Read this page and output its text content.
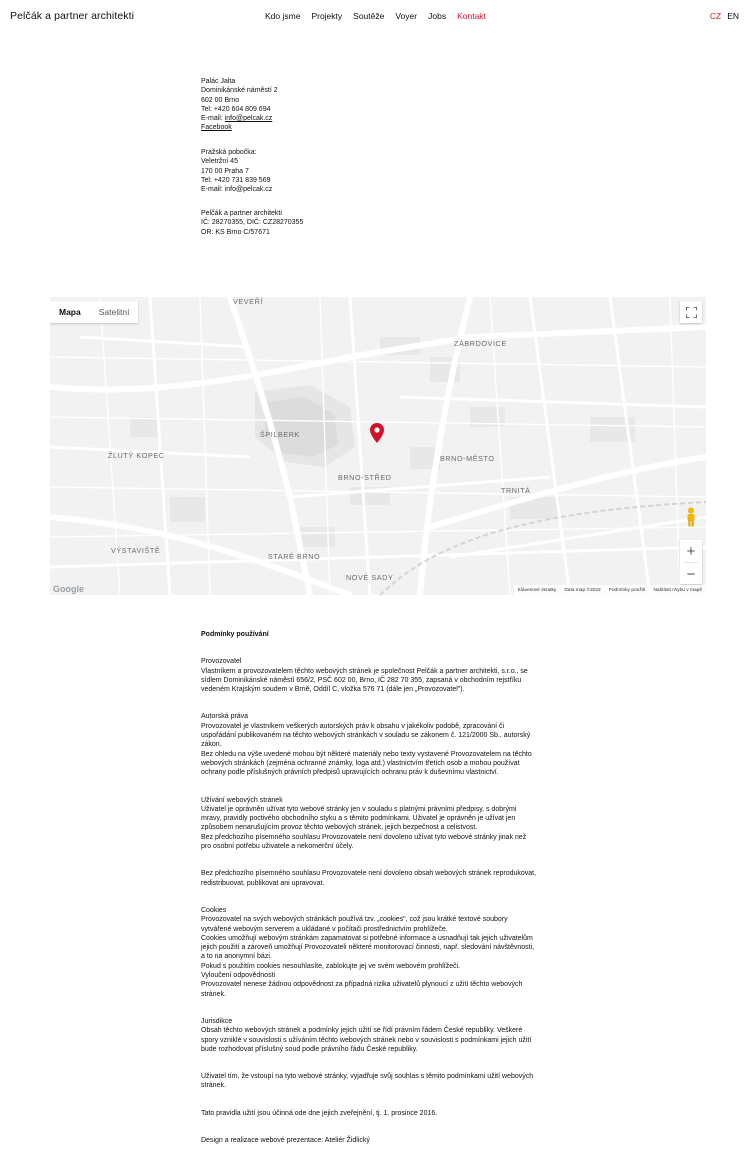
Pelčák a partner architekti	Kdo jsme Projekty Soutěže Voyer Jobs Kontakt	CZ EN
Palác Jalta
Dominikánské náměstí 2
602 00 Brno
Tel: +420 604 809 694
E-mail: info@pelcak.cz
Facebook
Pražská pobočka:
Veletržní 45
170 00 Praha 7
Tel: +420 731 839 569
E-mail: info@pelcak.cz
Pelčák a partner architekti
IČ: 28270355, DIČ: CZ28270355
OR: KS Brno C/57671
VEVEŘÍ
ZÁBRDOVICE
ŠPILBERK
ŽLUTÝ KOPEC	BRNO-MĚSTO
BRNO-STŘED
TRNITÁ
VÝSTAVIŠTĚ
STARÉ BRNO
NOVÉ SADY
Mapa	Satelitní
+
−
Google	Klávesové zkratky Data map ©2022 Podmínky použití Nahlásit chybu v mapě
Podmínky používání

Provozovatel

Vlastníkem a provozovatelem těchto webových stránek je společnost Pelčák a partner architekti, s.r.o., se

sídlem Dominikánské náměstí 656/2, PSČ 602 00, Brno, IČ 282 70 355, zapsaná v obchodním rejstříku

vedeném Krajským soudem v Brně, Oddíl C, vložka 576 71 (dále jen „Provozovatel").

Autorská práva

Provozovatel je vlastníkem veškerých autorských práv k obsahu v jakékoliv podobě, zpracování či

uspořádání publikovaném na těchto webových stránkách v souladu se zákonem č. 121/2000 Sb., autorský

zákon.

Bez ohledu na výše uvedené mohou být některé materiály nebo texty vystavené Provozovatelem na těchto

webových stránkách (zejména ochranné známky, loga atd.) vlastnictvím třetích osob a mohou používat

ochrany podle příslušných právních předpisů upravujících ochranu práv k duševnímu vlastnictví.

Užívání webových stránek

Uživatel je oprávněn užívat tyto webové stránky jen v souladu s platnými právními předpisy, s dobrými

mravy, pravidly poctivého obchodního styku a s těmito podmínkami. Uživatel je oprávněn je užívat jen

způsobem nenarušujícím provoz těchto webových stránek, jejich bezpečnost a celistvost.

Bez předchozího písemného souhlasu Provozovatele není dovoleno užívat tyto webové stránky jinak než

pro osobní potřebu uživatele a nekomerční účely.

Bez předchozího písemného souhlasu Provozovatele není dovoleno obsah webových stránek reprodukovat,

redistribuovat, publikovat ani upravovat.

Cookies

Provozovatel na svých webových stránkách používá tzv. „cookies", což jsou krátké textové soubory

vytvářené webovým serverem a ukládané v počítači prostřednictvím prohlížeče.

Cookies umožňují webovým stránkám zapamatovat si potřebné informace a usnadňují tak jejich uživatelům

jejich použití a zároveň umožňují Provozovateli některé monitorovací činnosti, např. sledování návštěvnosti,

a to na anonymní bázi.

Pokud s použitím cookies nesouhlasíte, zablokujte jej ve svém webovém prohlížeči.

Vyloučení odpovědnosti

Provozovatel nenese žádnou odpovědnost za případná rizika uživatelů plynoucí z užití těchto webových

stránek.

Jurisdikce

Obsah těchto webových stránek a podmínky jejich užití se řídí právním řádem České republiky. Veškeré

spory vzniklé v souvislosti s užíváním těchto webových stránek nebo v souvislosti s podmínkami jejich užití

bude rozhodovat příslušný soud podle právního řádu České republiky.

Uživatel tím, že vstoupí na tyto webové stránky, vyjadřuje svůj souhlas s těmito podmínkami užití webových

stránek.

Tato pravidla užití jsou účinná ode dne jejich zveřejnění, tj. 1. prosince 2016.

Design a realizace webové prezentace: Ateliér Židlický
